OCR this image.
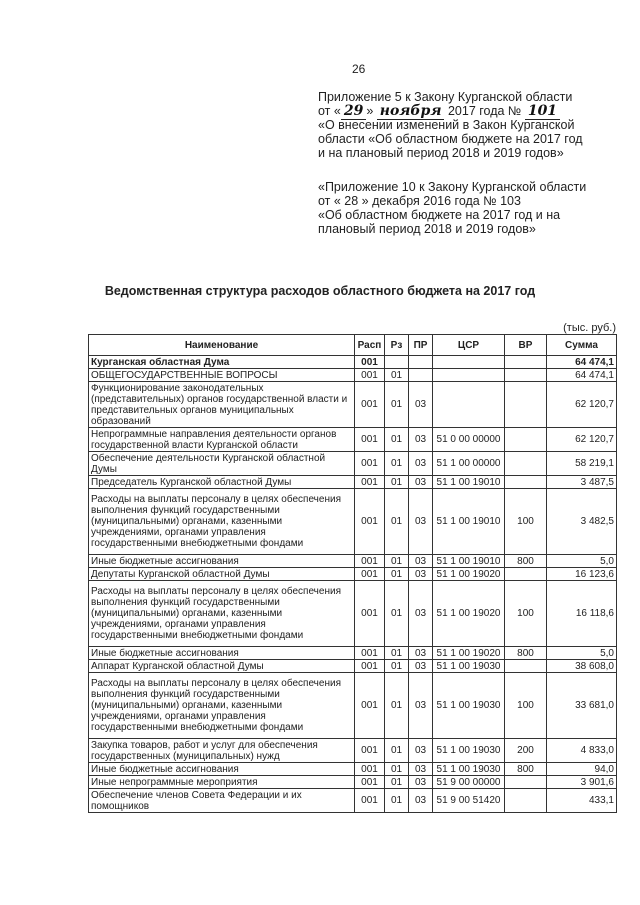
26
Приложение 5 к Закону Курганской области
от « 29 » ноября 2017 года № 101
«О внесении изменений в Закон Курганской
области «Об областном бюджете на 2017 год
и на плановый период 2018 и 2019 годов»
«Приложение 10 к Закону Курганской области
от « 28 » декабря 2016 года № 103
«Об областном бюджете на 2017 год и на
плановый период 2018 и 2019 годов»
Ведомственная структура расходов областного бюджета на 2017 год
(тыс. руб.)
Наименование	Расп	Рз	ПР	ЦСР	ВР	Сумма
Курганская областная Дума	001					64 474,1
ОБЩЕГОСУДАРСТВЕННЫЕ ВОПРОСЫ	001	01				64 474,1
Функционирование законодательных (представительных) органов государственной власти и представительных органов муниципальных образований	001	01	03			62 120,7
Непрограммные направления деятельности органов государственной власти Курганской области	001	01	03	51 0 00 00000		62 120,7
Обеспечение деятельности Курганской областной Думы	001	01	03	51 1 00 00000		58 219,1
Председатель Курганской областной Думы	001	01	03	51 1 00 19010		3 487,5
Расходы на выплаты персоналу в целях обеспечения выполнения функций государственными (муниципальными) органами, казенными учреждениями, органами управления государственными внебюджетными фондами	001	01	03	51 1 00 19010	100	3 482,5
Иные бюджетные ассигнования	001	01	03	51 1 00 19010	800	5,0
Депутаты Курганской областной Думы	001	01	03	51 1 00 19020		16 123,6
Расходы на выплаты персоналу в целях обеспечения выполнения функций государственными (муниципальными) органами, казенными учреждениями, органами управления государственными внебюджетными фондами	001	01	03	51 1 00 19020	100	16 118,6
Иные бюджетные ассигнования	001	01	03	51 1 00 19020	800	5,0
Аппарат Курганской областной Думы	001	01	03	51 1 00 19030		38 608,0
Расходы на выплаты персоналу в целях обеспечения выполнения функций государственными (муниципальными) органами, казенными учреждениями, органами управления государственными внебюджетными фондами	001	01	03	51 1 00 19030	100	33 681,0
Закупка товаров, работ и услуг для обеспечения государственных (муниципальных) нужд	001	01	03	51 1 00 19030	200	4 833,0
Иные бюджетные ассигнования	001	01	03	51 1 00 19030	800	94,0
Иные непрограммные мероприятия	001	01	03	51 9 00 00000		3 901,6
Обеспечение членов Совета Федерации и их помощников	001	01	03	51 9 00 51420		433,1
